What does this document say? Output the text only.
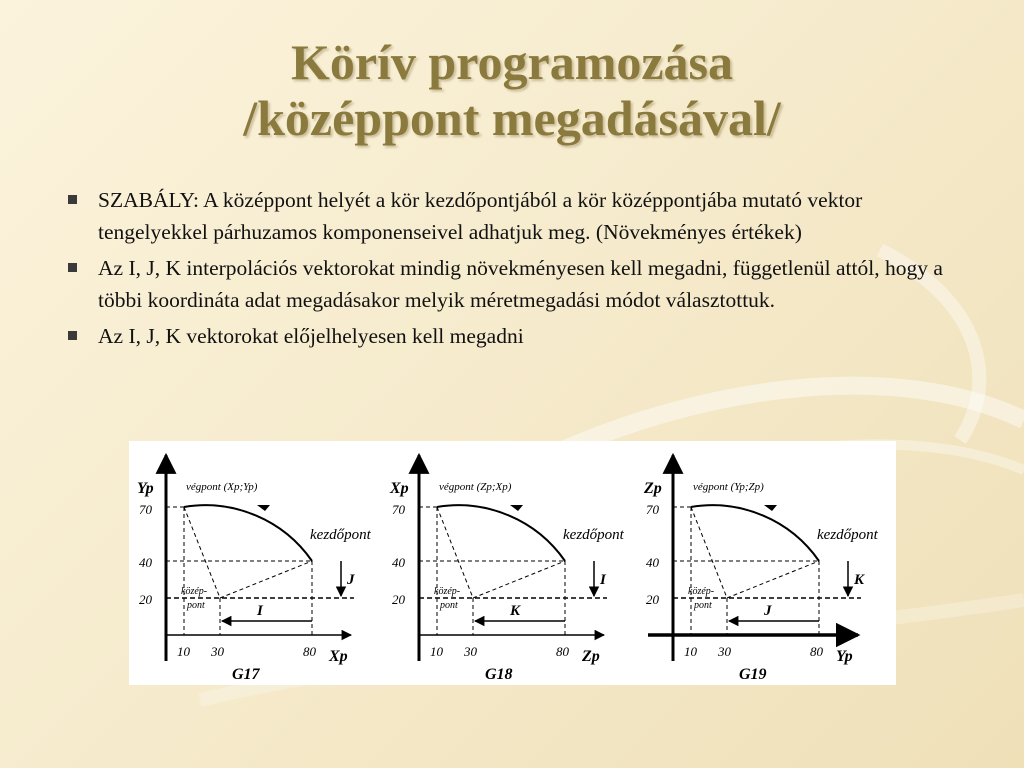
Körív programozása
/középpont megadásával/
SZABÁLY: A középpont helyét a kör kezdőpontjából a kör középpontjába mutató vektor tengelyekkel párhuzamos komponenseivel adhatjuk meg. (Növekményes értékek)
Az I, J, K interpolációs vektorokat mindig növekményesen kell megadni, függetlenül attól, hogy a többi koordináta adat megadásakor melyik méretmegadási módot választottuk.
Az I, J, K vektorokat előjelhelyesen kell megadni
Yp
Xp
70
40
20
10 30	80
J
I
végpont (Xp;Yp)
kezdőpont
közép-
pont
G17
Xp
Zp
70
40
20
10 30	80
I
K
végpont (Zp;Xp)
kezdőpont
közép-
pont
G18
Zp
Yp
70
40
20
10 30	80
K
J
végpont (Yp;Zp)
kezdőpont
közép-
pont
G19
